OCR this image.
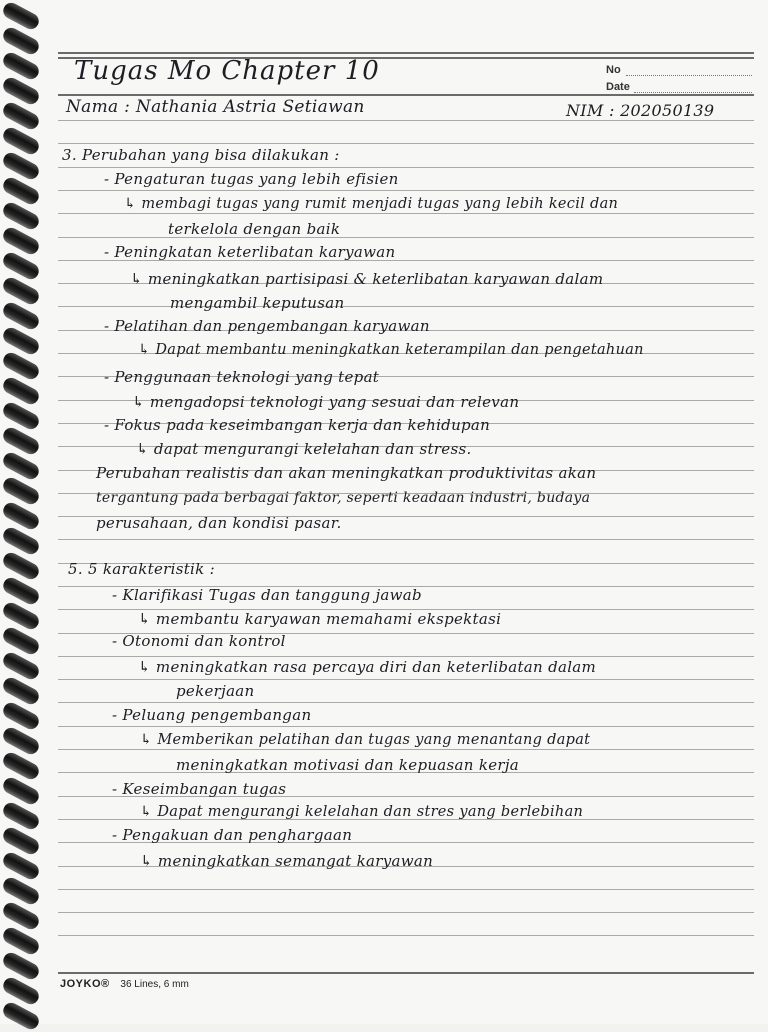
Tugas Mo Chapter 10	No
Date
Nama : Nathania Astria Setiawan	NIM : 202050139
3. Perubahan yang bisa dilakukan :
- Pengaturan tugas yang lebih efisien
↳ membagi tugas yang rumit menjadi tugas yang lebih kecil dan
terkelola dengan baik
- Peningkatan keterlibatan karyawan
↳ meningkatkan partisipasi & keterlibatan karyawan dalam
mengambil keputusan
- Pelatihan dan pengembangan karyawan
↳ Dapat membantu meningkatkan keterampilan dan pengetahuan
- Penggunaan teknologi yang tepat
↳ mengadopsi teknologi yang sesuai dan relevan
- Fokus pada keseimbangan kerja dan kehidupan
↳ dapat mengurangi kelelahan dan stress.
Perubahan realistis dan akan meningkatkan produktivitas akan
tergantung pada berbagai faktor, seperti keadaan industri, budaya
perusahaan, dan kondisi pasar.
5. 5 karakteristik :
- Klarifikasi Tugas dan tanggung jawab
↳ membantu karyawan memahami ekspektasi
- Otonomi dan kontrol
↳ meningkatkan rasa percaya diri dan keterlibatan dalam
pekerjaan
- Peluang pengembangan
↳ Memberikan pelatihan dan tugas yang menantang dapat
meningkatkan motivasi dan kepuasan kerja
- Keseimbangan tugas
↳ Dapat mengurangi kelelahan dan stres yang berlebihan
- Pengakuan dan penghargaan
↳ meningkatkan semangat karyawan
JOYKO® 36 Lines, 6 mm
